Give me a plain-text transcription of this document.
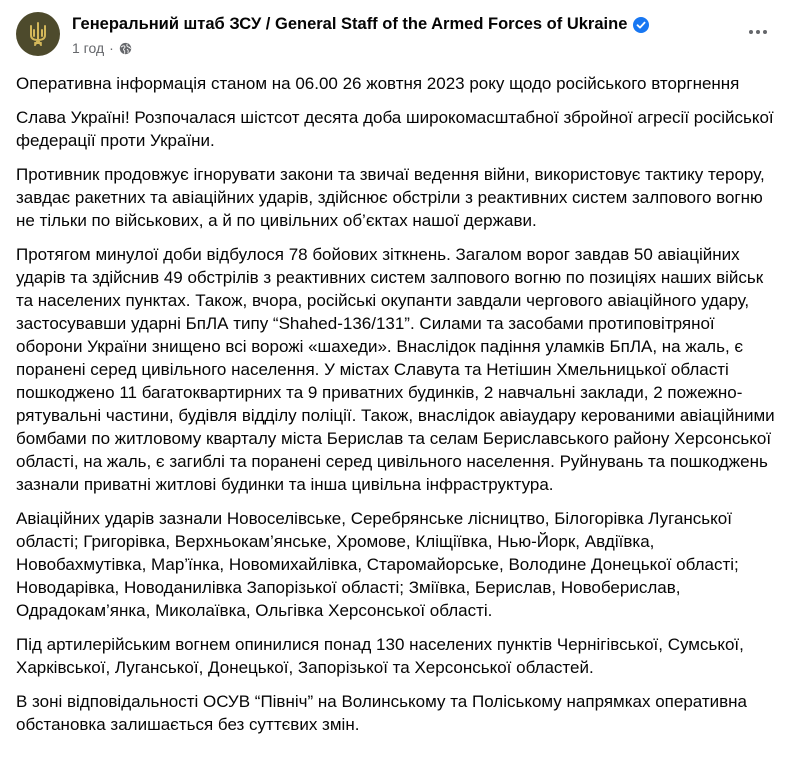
Генеральний штаб ЗСУ / General Staff of the Armed Forces of Ukraine
1 год ·

Оперативна інформація станом на 06.00 26 жовтня 2023 року щодо російського вторгнення

Слава Україні! Розпочалася шістсот десята доба широкомасштабної збройної агресії російської федерації проти України.

Противник продовжує ігнорувати закони та звичаї ведення війни, використовує тактику терору, завдає ракетних та авіаційних ударів, здійснює обстріли з реактивних систем залпового вогню не тільки по військових, а й по цивільних об’єктах нашої держави.

Протягом минулої доби відбулося 78 бойових зіткнень. Загалом ворог завдав 50 авіаційних ударів та здійснив 49 обстрілів з реактивних систем залпового вогню по позиціях наших військ та населених пунктах. Також, вчора, російські окупанти завдали чергового авіаційного удару, застосувавши ударні БпЛА типу “Shahed-136/131”. Силами та засобами протиповітряної оборони України знищено всі ворожі «шахеди». Внаслідок падіння уламків БпЛА, на жаль, є поранені серед цивільного населення. У містах Славута та Нетішин Хмельницької області пошкоджено 11 багатоквартирних та 9 приватних будинків, 2 навчальні заклади, 2 пожежно-рятувальні частини, будівля відділу поліції. Також, внаслідок авіаудару керованими авіаційними бомбами по житловому кварталу міста Берислав та селам Бериславського району Херсонської області, на жаль, є загиблі та поранені серед цивільного населення. Руйнувань та пошкоджень зазнали приватні житлові будинки та інша цивільна інфраструктура.

Авіаційних ударів зазнали Новоселівське, Серебрянське лісництво, Білогорівка Луганської області; Григорівка, Верхньокам’янське, Хромове, Кліщіївка, Нью-Йорк, Авдіївка, Новобахмутівка, Мар’їнка, Новомихайлівка, Старомайорське, Володине Донецької області; Новодарівка, Новоданилівка Запорізької області; Зміївка, Берислав, Новоберислав, Одрадокам’янка, Миколаївка, Ольгівка Херсонської області.

Під артилерійським вогнем опинилися понад 130 населених пунктів Чернігівської, Сумської, Харківської, Луганської, Донецької, Запорізької та Херсонської областей.

В зоні відповідальності ОСУВ “Північ” на Волинському та Поліському напрямках оперативна обстановка залишається без суттєвих змін.
